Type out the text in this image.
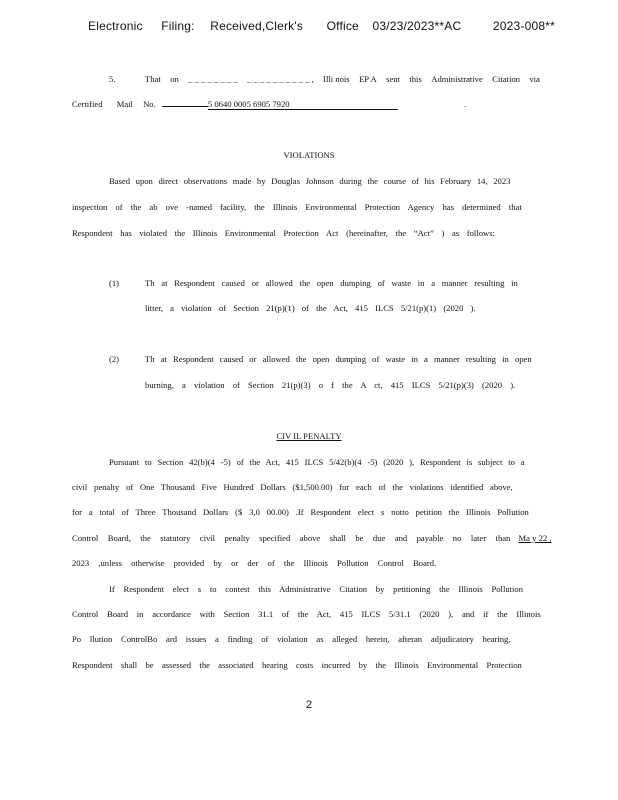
Electronic Filing: Received,Clerk's Office 03/23/2023**AC	2023-008**
5.	That on _ _ _ _ _ _ _ _ _ _ _ _ _ _ _ _ _ _ , Illi nois EP A sent this Administrative Citation via
Certified Mail No.	5 0640 0005 6905 7920	.
VIOLATIONS
Based upon direct observations made by Douglas Johnson during the course of his February 14, 2023
inspection of the ab ove -named facility, the Illinois Environmental Protection Agency has determined that
Respondent has violated the Illinois Environmental Protection Act (hereinafter, the “Act” ) as follows:
(1)	Th at Respondent caused or allowed the open dumping of waste in a manner resulting in
litter, a violation of Section 21(p)(1) of the Act, 415 ILCS 5/21(p)(1) (2020 ).
(2)	Th at Respondent caused or allowed the open dumping of waste in a manner resulting in open
burning, a violation of Section 21(p)(3) o f the A ct, 415 ILCS 5/21(p)(3) (2020 ).
CIV IL PENALTY
Pursuant to Section 42(b)(4 -5) of the Act, 415 ILCS 5/42(b)(4 -5) (2020 ), Respondent is subject to a
civil penalty of One Thousand Five Hundred Dollars ($1,500.00) for each of the violations identified above,
for a total of Three Thousand Dollars ($ 3,0 00.00) .If Respondent elect s notto petition the Illinois Pollution
Control Board, the statutory civil penalty specified above shall be due and payable no later than Ma y 22 ,
2023 ,unless otherwise provided by or der of the Illinois Pollution Control Board.
If Respondent elect s to contest this Administrative Citation by petitioning the Illinois Pollution
Control Board in accordance with Section 31.1 of the Act, 415 ILCS 5/31.1 (2020 ), and if the Illinois
Po llution ControlBo ard issues a finding of violation as alleged herein, afteran adjudicatory hearing,
Respondent shall be assessed the associated hearing costs incurred by the Illinois Environmental Protection
2
